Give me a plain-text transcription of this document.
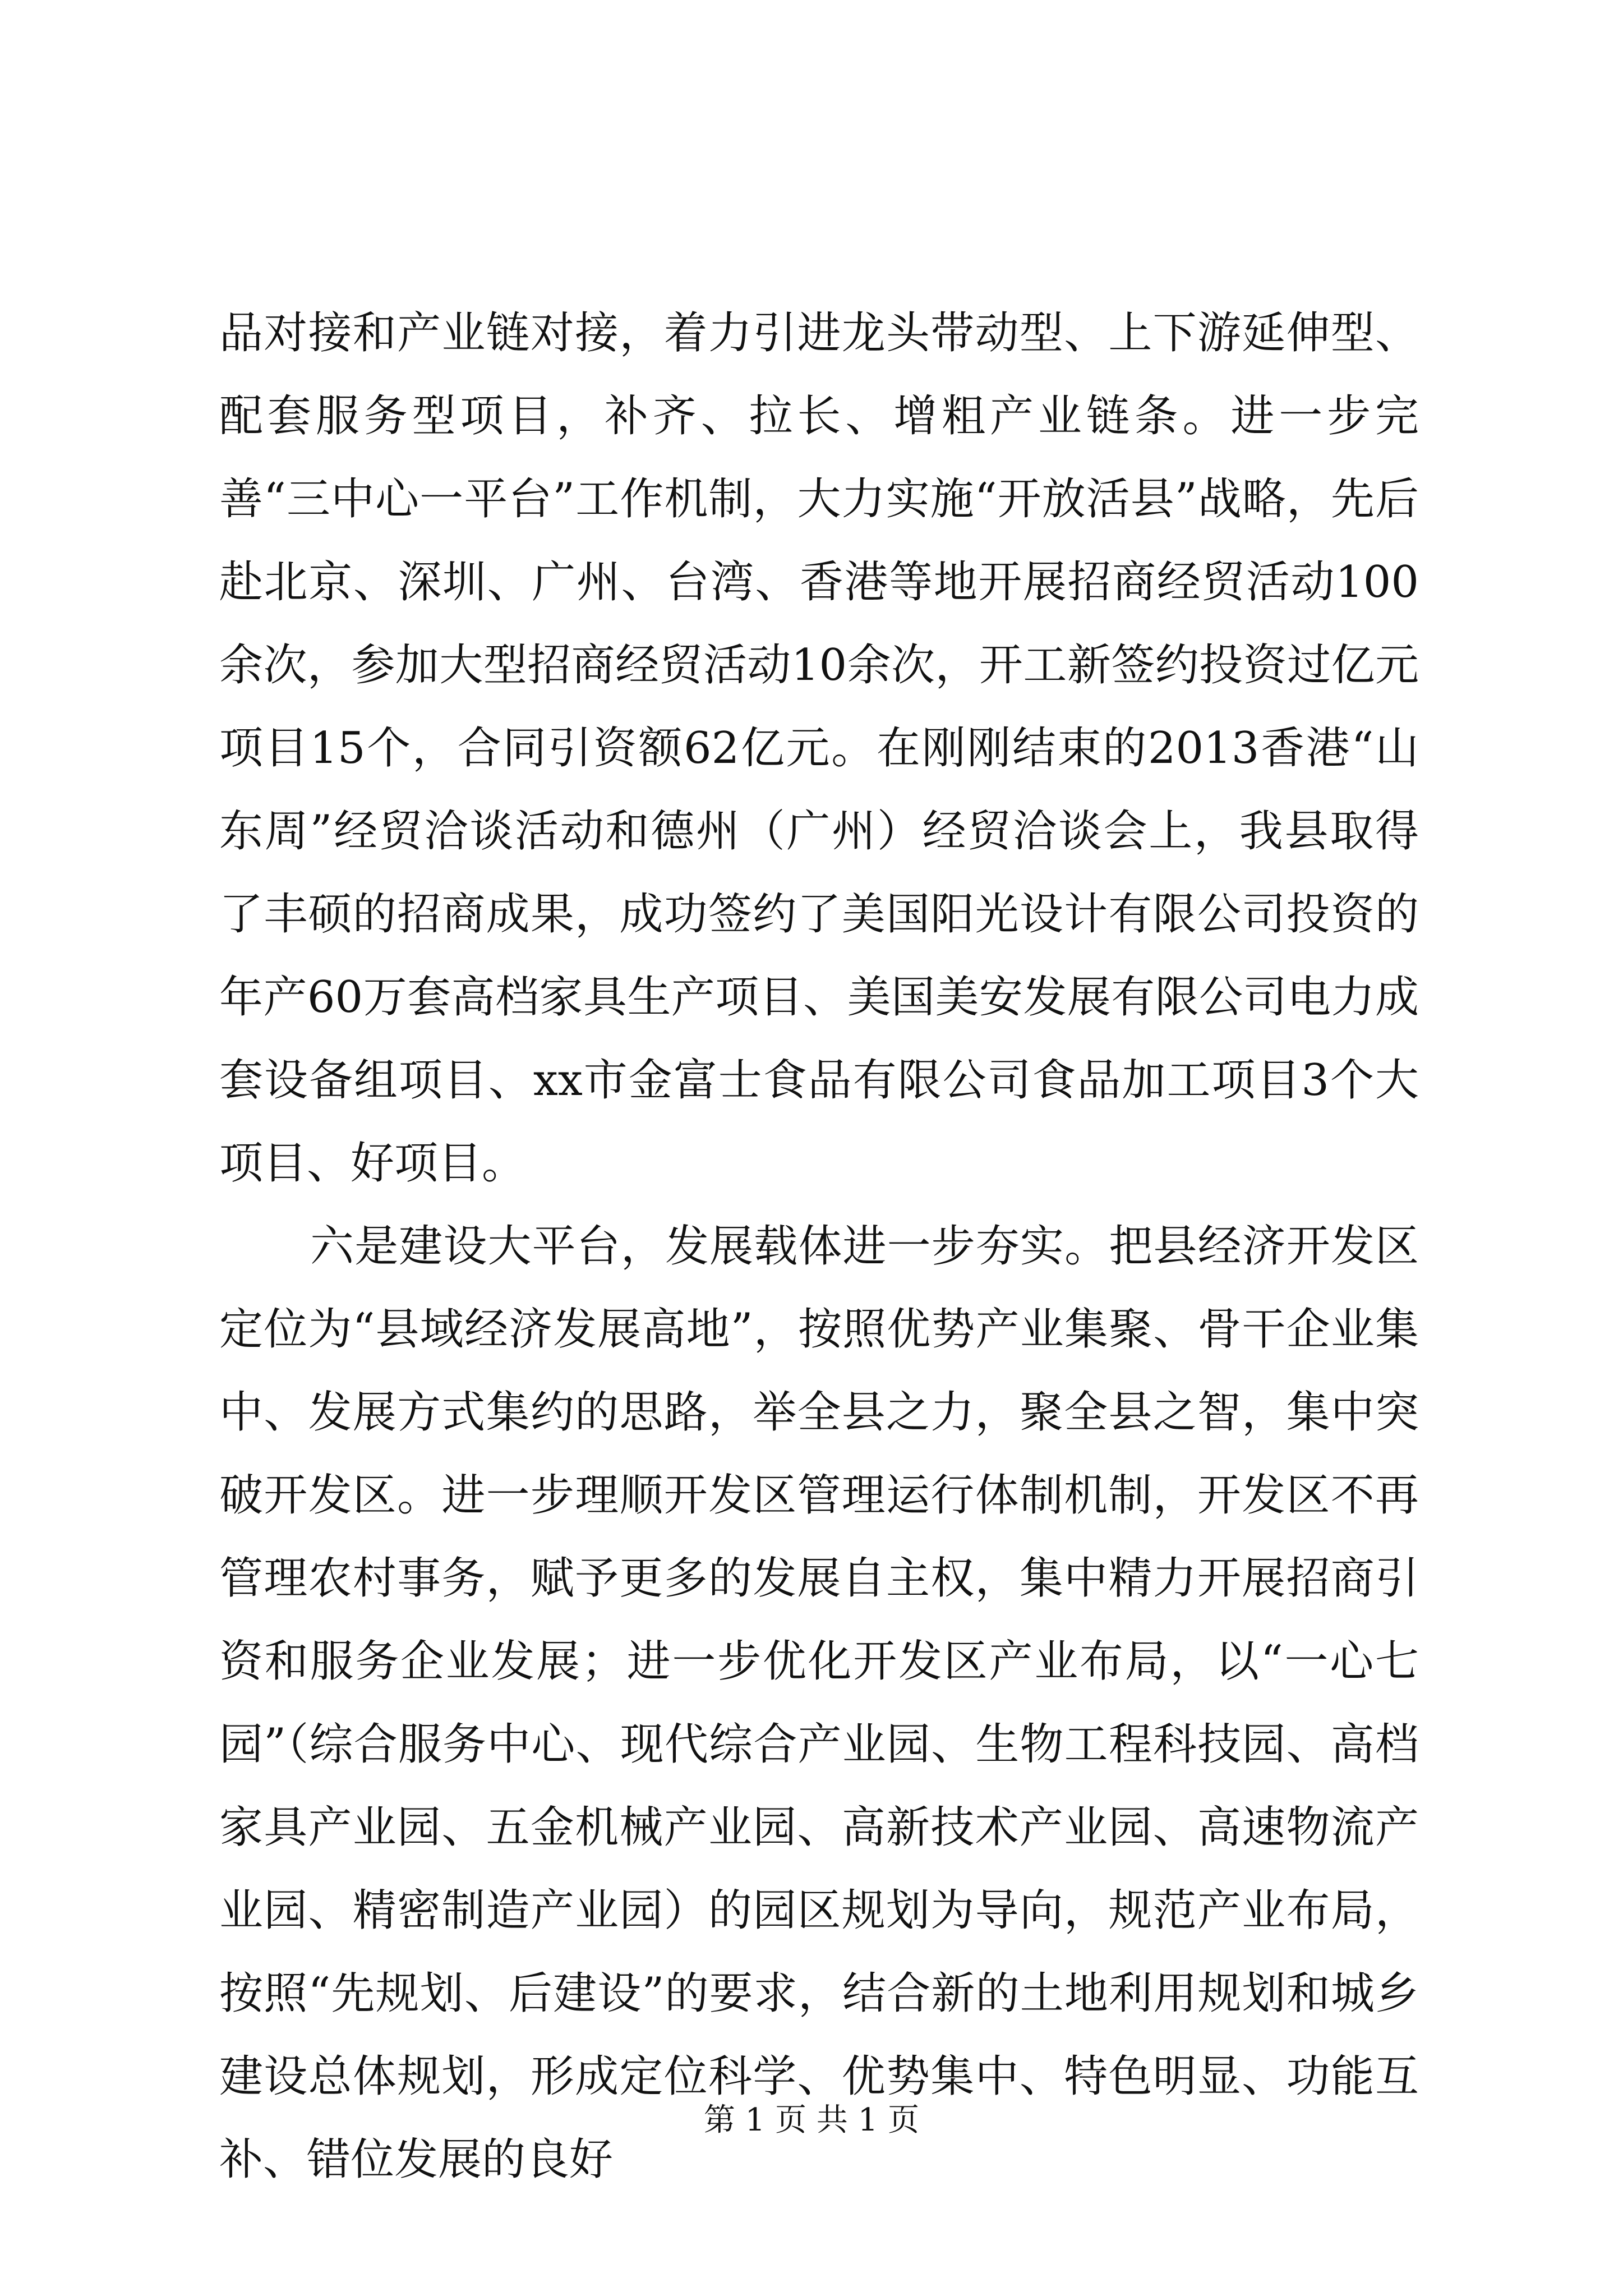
品对接和产业链对接，着力引进龙头带动型、上下游延伸型、配套服务型项目，补齐、拉长、增粗产业链条。进一步完善“三中心一平台”工作机制，大力实施“开放活县”战略，先后赴北京、深圳、广州、台湾、香港等地开展招商经贸活动100余次，参加大型招商经贸活动10余次，开工新签约投资过亿元项目15个，合同引资额62亿元。在刚刚结束的2013香港“山东周”经贸洽谈活动和德州（广州）经贸洽谈会上，我县取得了丰硕的招商成果，成功签约了美国阳光设计有限公司投资的年产60万套高档家具生产项目、美国美安发展有限公司电力成套设备组项目、xx市金富士食品有限公司食品加工项目3个大项目、好项目。

六是建设大平台，发展载体进一步夯实。把县经济开发区定位为“县域经济发展高地”，按照优势产业集聚、骨干企业集中、发展方式集约的思路，举全县之力，聚全县之智，集中突破开发区。进一步理顺开发区管理运行体制机制，开发区不再管理农村事务，赋予更多的发展自主权，集中精力开展招商引资和服务企业发展；进一步优化开发区产业布局，以“一心七园”（综合服务中心、现代综合产业园、生物工程科技园、高档家具产业园、五金机械产业园、高新技术产业园、高速物流产业园、精密制造产业园）的园区规划为导向，规范产业布局，按照“先规划、后建设”的要求，结合新的土地利用规划和城乡建设总体规划，形成定位科学、优势集中、特色明显、功能互补、错位发展的良好

第 1 页 共 1 页
